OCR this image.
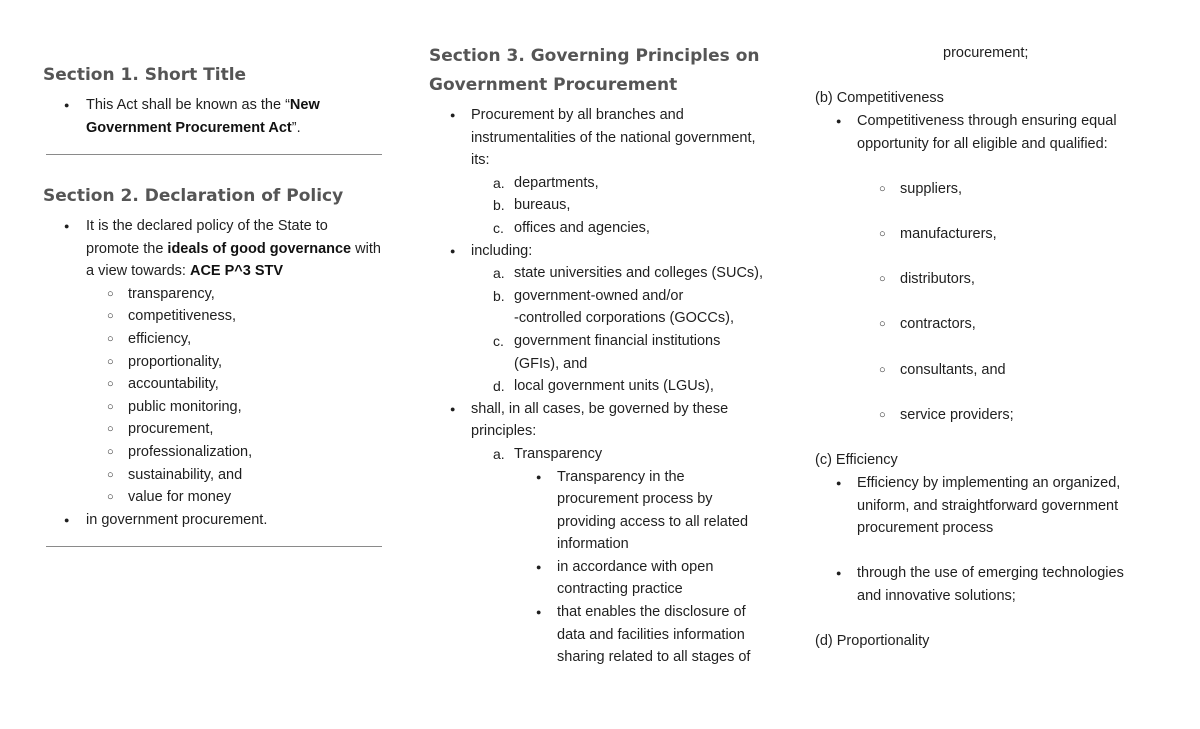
Section 1. Short Title
This Act shall be known as the “New
Government Procurement Act”.
Section 2. Declaration of Policy
It is the declared policy of the State to
promote the ideals of good governance with
a view towards: ACE P^3 STV
transparency,
competitiveness,
efficiency,
proportionality,
accountability,
public monitoring,
procurement,
professionalization,
sustainability, and
value for money
in government procurement.
Section 3. Governing Principles on
Government Procurement
Procurement by all branches and
instrumentalities of the national government,
its:
a. departments,
b. bureaus,
c. offices and agencies,
including:
a. state universities and colleges (SUCs),
b. government-owned and/or
-controlled corporations (GOCCs),
c. government financial institutions
(GFIs), and
d. local government units (LGUs),
shall, in all cases, be governed by these
principles:
a. Transparency
Transparency in the
procurement process by
providing access to all related
information
in accordance with open
contracting practice
that enables the disclosure of
data and facilities information
sharing related to all stages of
procurement;
(b) Competitiveness
Competitiveness through ensuring equal
opportunity for all eligible and qualified:
suppliers,
manufacturers,
distributors,
contractors,
consultants, and
service providers;
(c) Efficiency
Efficiency by implementing an organized,
uniform, and straightforward government
procurement process
through the use of emerging technologies
and innovative solutions;
(d) Proportionality
